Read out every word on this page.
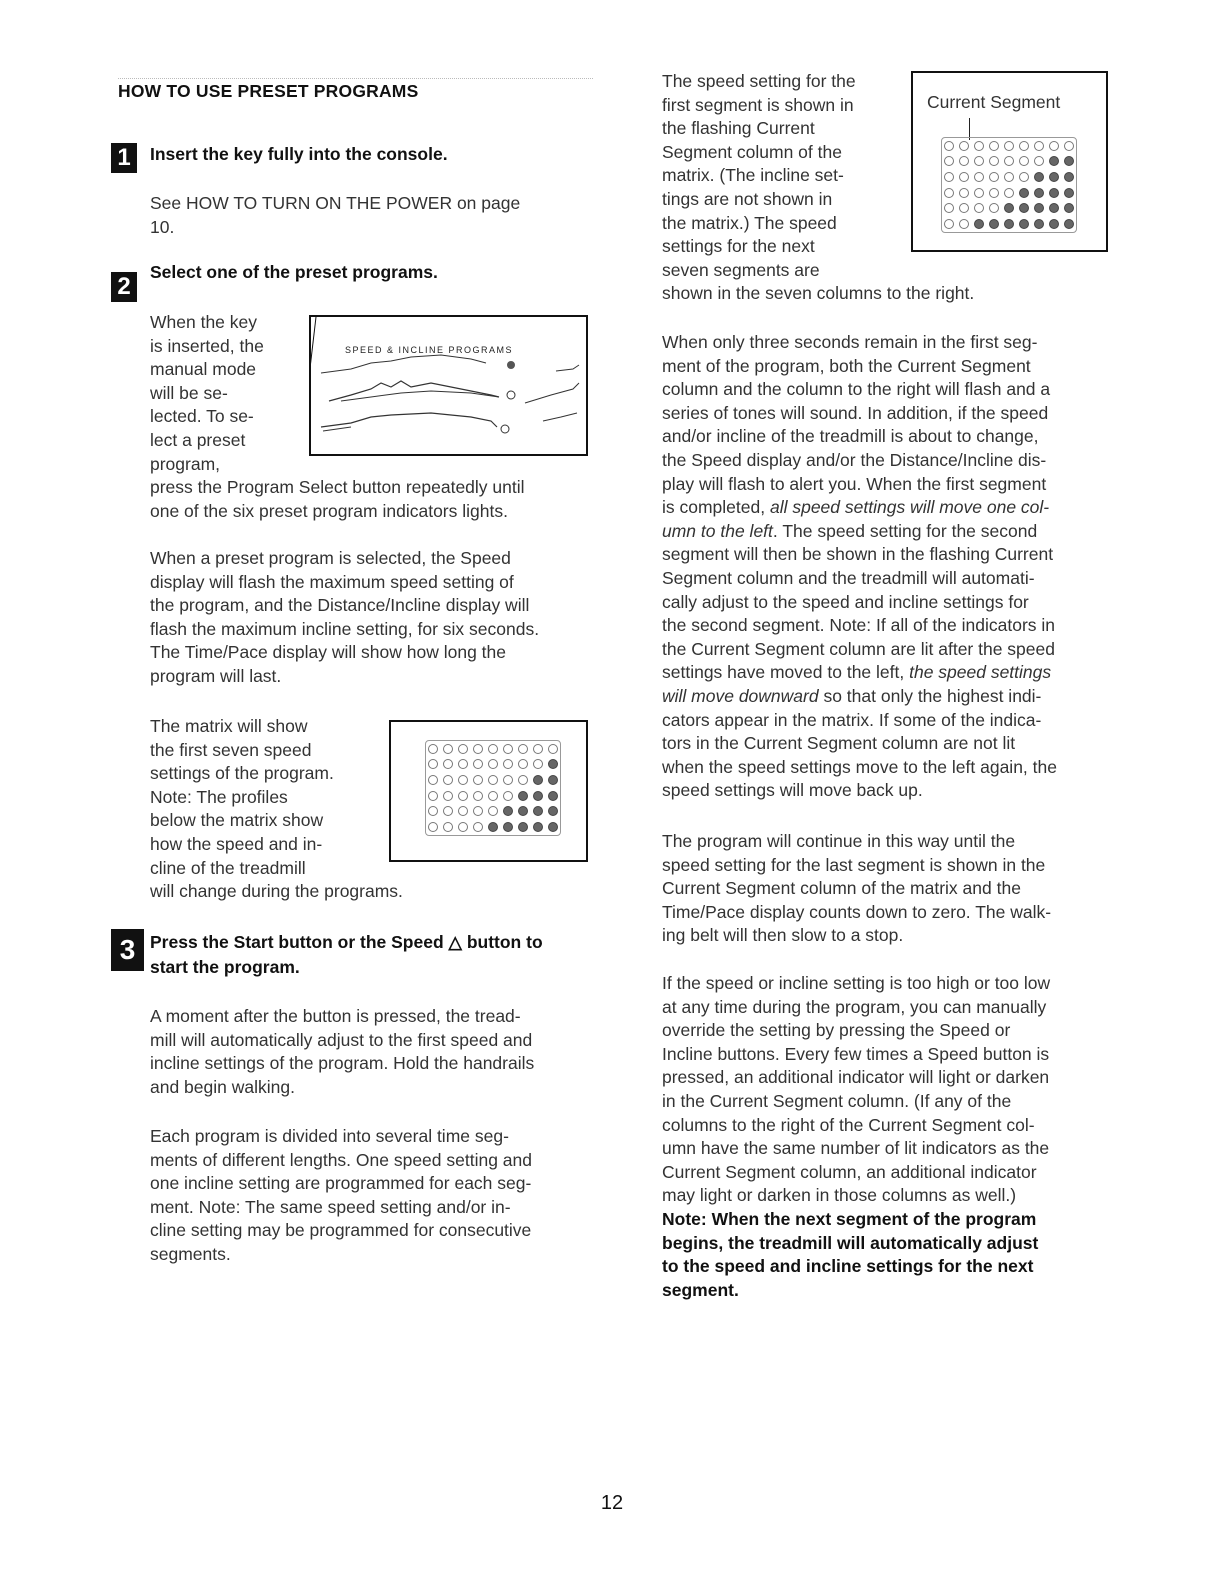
HOW TO USE PRESET PROGRAMS
1	Insert the key fully into the console.
See HOW TO TURN ON THE POWER on page
10.
2
Select one of the preset programs.
When the key
is inserted, the
manual mode
will be se-
lected. To se-
lect a preset
program,
press the Program Select button repeatedly until
one of the six preset program indicators lights.
SPEED & INCLINE PROGRAMS
When a preset program is selected, the Speed
display will flash the maximum speed setting of
the program, and the Distance/Incline display will
flash the maximum incline setting, for six seconds.
The Time/Pace display will show how long the
program will last.
The matrix will show
the first seven speed
settings of the program.
Note: The profiles
below the matrix show
how the speed and in-
cline of the treadmill
will change during the programs.
3 Press the Start button or the Speed △ button to
start the program.
A moment after the button is pressed, the tread-
mill will automatically adjust to the first speed and
incline settings of the program. Hold the handrails
and begin walking.
Each program is divided into several time seg-
ments of different lengths. One speed setting and
one incline setting are programmed for each seg-
ment. Note: The same speed setting and/or in-
cline setting may be programmed for consecutive
segments.
The speed setting for the
first segment is shown in
the flashing Current
Segment column of the
matrix. (The incline set-
tings are not shown in
the matrix.) The speed
settings for the next
seven segments are
shown in the seven columns to the right.
Current Segment
When only three seconds remain in the first seg-
ment of the program, both the Current Segment
column and the column to the right will flash and a
series of tones will sound. In addition, if the speed
and/or incline of the treadmill is about to change,
the Speed display and/or the Distance/Incline dis-
play will flash to alert you. When the first segment
is completed, all speed settings will move one col-
umn to the left. The speed setting for the second
segment will then be shown in the flashing Current
Segment column and the treadmill will automati-
cally adjust to the speed and incline settings for
the second segment. Note: If all of the indicators in
the Current Segment column are lit after the speed
settings have moved to the left, the speed settings
will move downward so that only the highest indi-
cators appear in the matrix. If some of the indica-
tors in the Current Segment column are not lit
when the speed settings move to the left again, the
speed settings will move back up.
The program will continue in this way until the
speed setting for the last segment is shown in the
Current Segment column of the matrix and the
Time/Pace display counts down to zero. The walk-
ing belt will then slow to a stop.
If the speed or incline setting is too high or too low
at any time during the program, you can manually
override the setting by pressing the Speed or
Incline buttons. Every few times a Speed button is
pressed, an additional indicator will light or darken
in the Current Segment column. (If any of the
columns to the right of the Current Segment col-
umn have the same number of lit indicators as the
Current Segment column, an additional indicator
may light or darken in those columns as well.)
Note: When the next segment of the program
begins, the treadmill will automatically adjust
to the speed and incline settings for the next
segment.
12
